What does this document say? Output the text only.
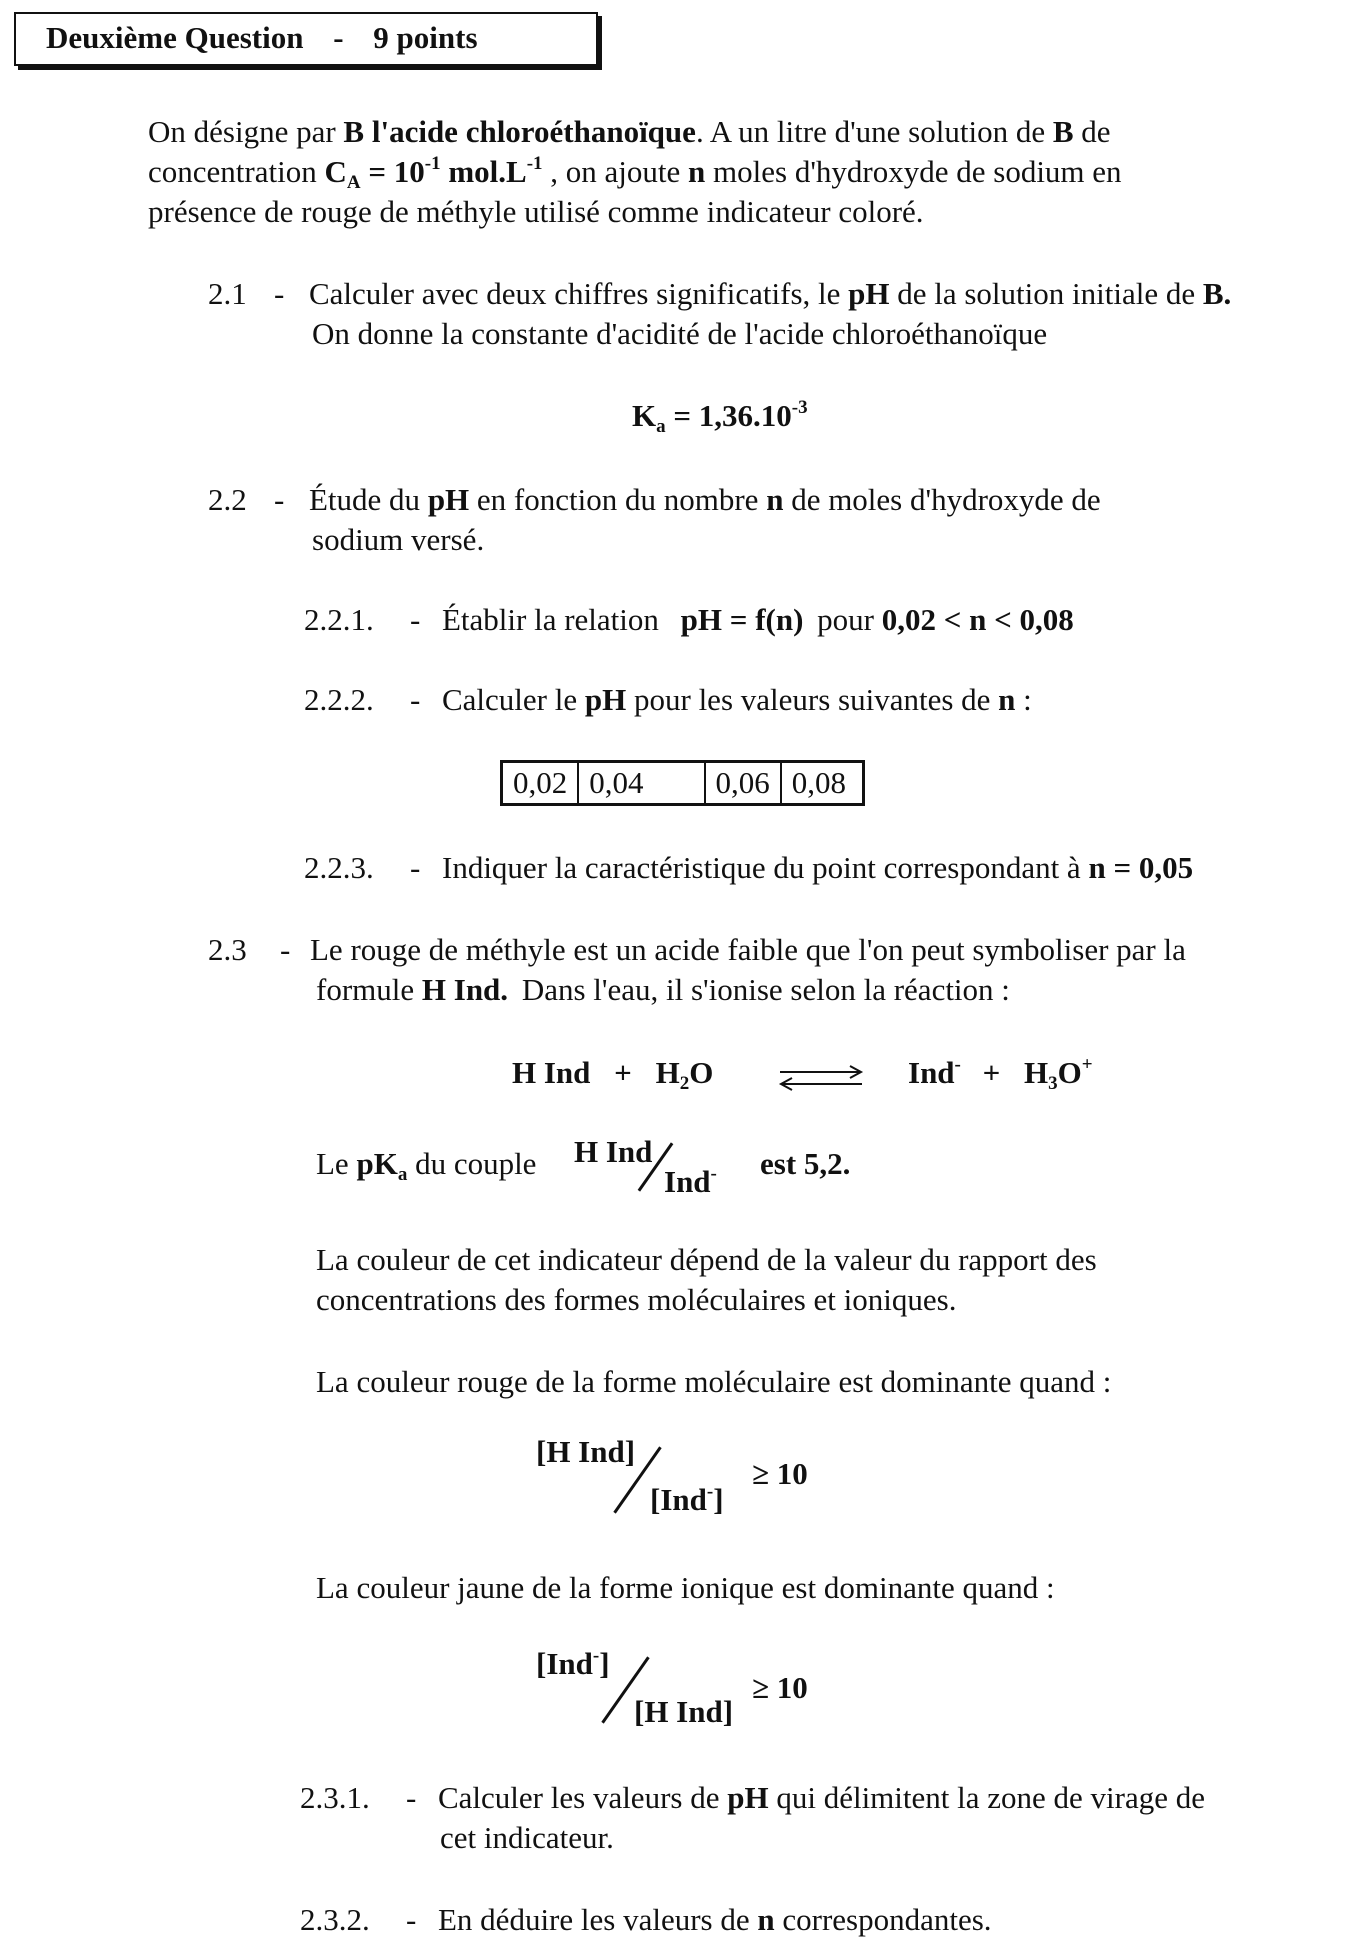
Deuxième Question - 9 points
On désigne par B l'acide chloroéthanoïque. A un litre d'une solution de B de
concentration $C_A = 10^{-1}$ $mol.L^{-1}$ , on ajoute n moles d'hydroxyde de sodium en
présence de rouge de méthyle utilisé comme indicateur coloré.
2.1 - Calculer avec deux chiffres significatifs, le pH de la solution initiale de B.
On donne la constante d'acidité de l'acide chloroéthanoïque
$K_a = 1,36.10^{-3}$
2.2 - Étude du pH en fonction du nombre n de moles d'hydroxyde de
sodium versé.
2.2.1. - Établir la relation pH = f(n) pour 0,02 < n < 0,08
2.2.2. - Calculer le pH pour les valeurs suivantes de n :
0,02	0,04	0,06	0,08
2.2.3. - Indiquer la caractéristique du point correspondant à n = 0,05
2.3 - Le rouge de méthyle est un acide faible que l'on peut symboliser par la
formule H Ind. Dans l'eau, il s'ionise selon la réaction :
H Ind + $H_2O$ ⇌ $Ind^- + H_3O^+$
Le $pK_a$ du couple H Ind
Ind- est 5,2.
La couleur de cet indicateur dépend de la valeur du rapport des
concentrations des formes moléculaires et ioniques.
La couleur rouge de la forme moléculaire est dominante quand :
[H Ind]
[Ind-]
≥ 10
La couleur jaune de la forme ionique est dominante quand :
[Ind-]
[H Ind]
≥ 10
2.3.1. - Calculer les valeurs de pH qui délimitent la zone de virage de
cet indicateur.
2.3.2. - En déduire les valeurs de n correspondantes.
